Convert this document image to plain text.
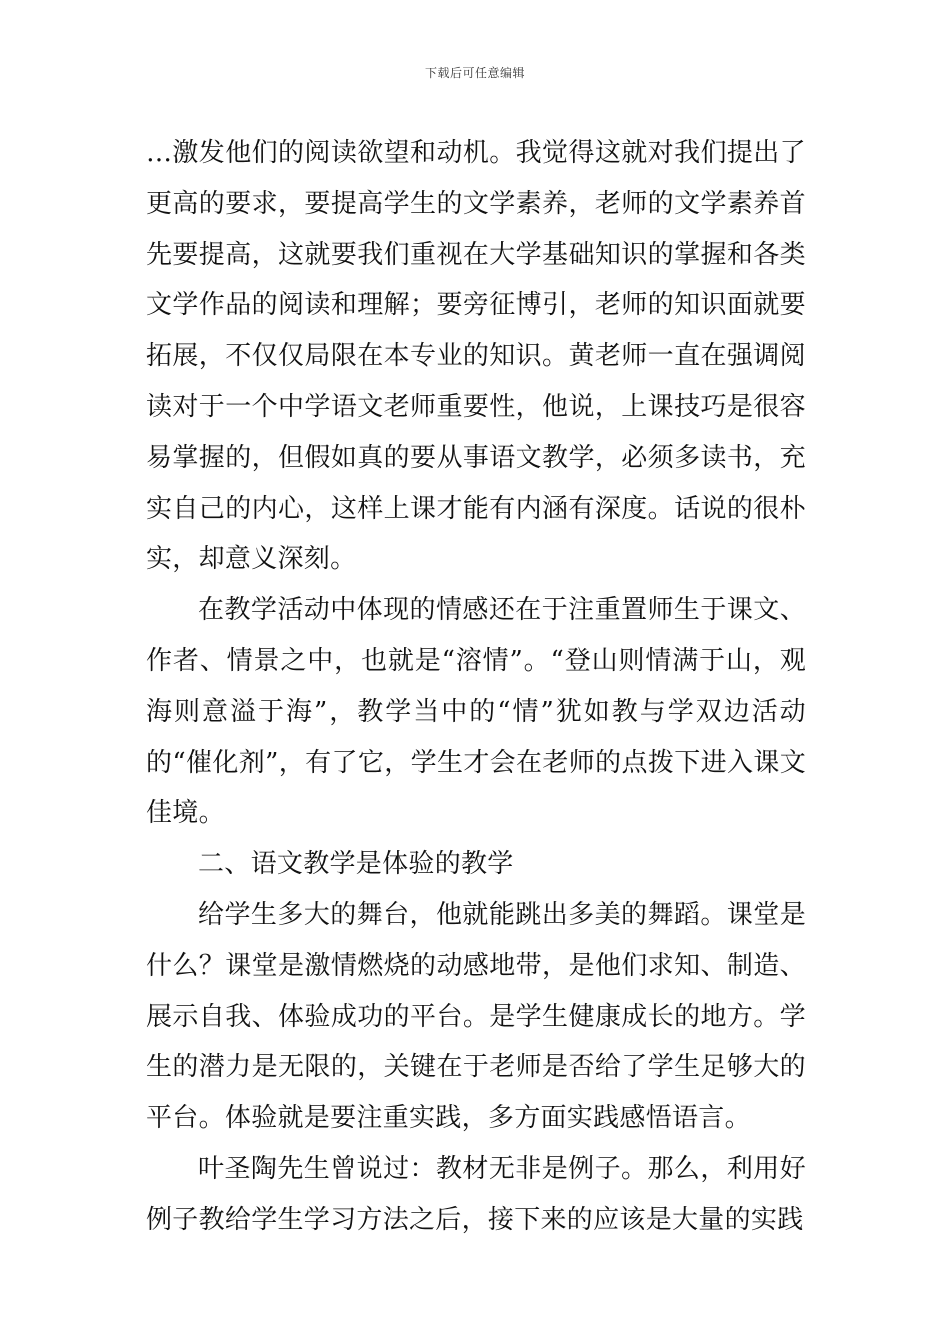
下载后可任意编辑

…激发他们的阅读欲望和动机。我觉得这就对我们提出了更高的要求，要提高学生的文学素养，老师的文学素养首先要提高，这就要我们重视在大学基础知识的掌握和各类文学作品的阅读和理解；要旁征博引，老师的知识面就要拓展，不仅仅局限在本专业的知识。黄老师一直在强调阅读对于一个中学语文老师重要性，他说，上课技巧是很容易掌握的，但假如真的要从事语文教学，必须多读书，充实自己的内心，这样上课才能有内涵有深度。话说的很朴实，却意义深刻。

在教学活动中体现的情感还在于注重置师生于课文、作者、情景之中，也就是“溶情”。“登山则情满于山，观海则意溢于海”，教学当中的“情”犹如教与学双边活动的“催化剂”，有了它，学生才会在老师的点拨下进入课文佳境。

二、语文教学是体验的教学

给学生多大的舞台，他就能跳出多美的舞蹈。课堂是什么？课堂是激情燃烧的动感地带，是他们求知、制造、展示自我、体验成功的平台。是学生健康成长的地方。学生的潜力是无限的，关键在于老师是否给了学生足够大的平台。体验就是要注重实践，多方面实践感悟语言。

叶圣陶先生曾说过：教材无非是例子。那么，利用好例子教给学生学习方法之后，接下来的应该是大量的实践
